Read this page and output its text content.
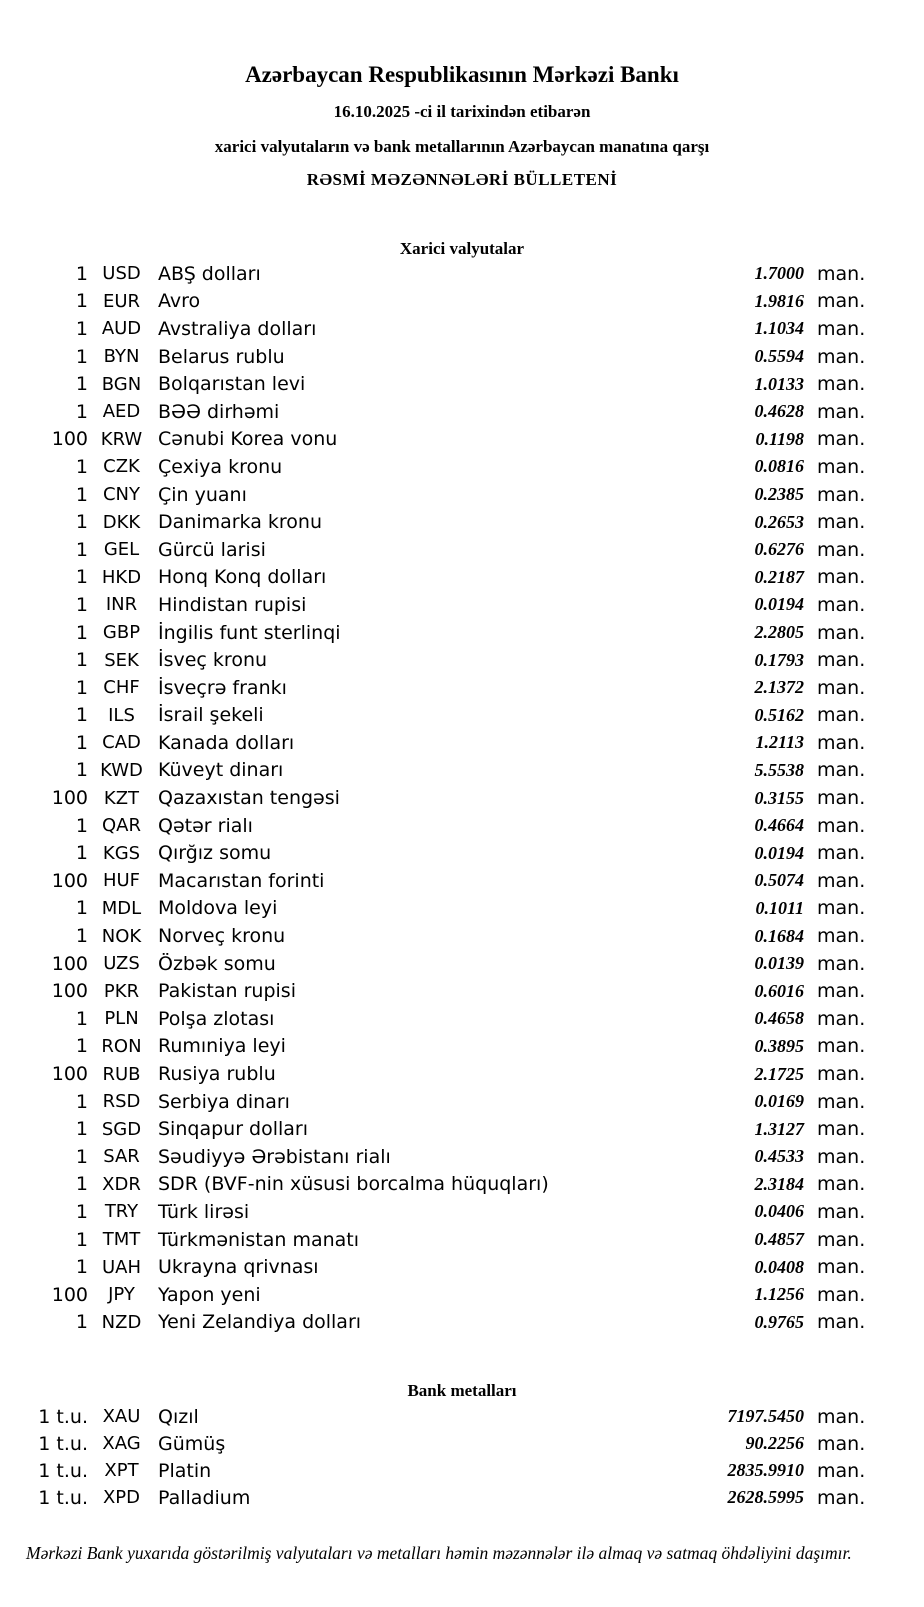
Azərbaycan Respublikasının Mərkəzi Bankı
16.10.2025 -ci il tarixindən etibarən
xarici valyutaların və bank metallarının Azərbaycan manatına qarşı
RƏSMİ MƏZƏNNƏLƏRİ BÜLLETENİ
Xarici valyutalar
1 USD ABŞ dolları	1.7000 man.
1 EUR Avro	1.9816 man.
1 AUD Avstraliya dolları	1.1034 man.
1 BYN Belarus rublu	0.5594 man.
1 BGN Bolqarıstan levi	1.0133 man.
1 AED BƏƏ dirhəmi	0.4628 man.
100 KRW Cənubi Korea vonu	0.1198 man.
1 CZK Çexiya kronu	0.0816 man.
1 CNY Çin yuanı	0.2385 man.
1 DKK Danimarka kronu	0.2653 man.
1 GEL Gürcü larisi	0.6276 man.
1 HKD Honq Konq dolları	0.2187 man.
1 INR	Hindistan rupisi	0.0194 man.
1 GBP İngilis funt sterlinqi	2.2805 man.
1 SEK	İsveç kronu	0.1793 man.
1 CHF İsveçrə frankı	2.1372 man.
1	ILS	İsrail şekeli	0.5162 man.
1 CAD Kanada dolları	1.2113 man.
1 KWD Küveyt dinarı	5.5538 man.
100 KZT Qazaxıstan tengəsi	0.3155 man.
1 QAR Qətər rialı	0.4664 man.
1 KGS Qırğız somu	0.0194 man.
100 HUF Macarıstan forinti	0.5074 man.
1 MDL Moldova leyi	0.1011 man.
1 NOK Norveç kronu	0.1684 man.
100 UZS Özbək somu	0.0139 man.
100 PKR Pakistan rupisi	0.6016 man.
1 PLN	Polşa zlotası	0.4658 man.
1 RON Rumıniya leyi	0.3895 man.
100 RUB Rusiya rublu	2.1725 man.
1 RSD Serbiya dinarı	0.0169 man.
1 SGD Sinqapur dolları	1.3127 man.
1 SAR Səudiyyə Ərəbistanı rialı	0.4533 man.
1 XDR SDR (BVF-nin xüsusi borcalma hüquqları)	2.3184 man.
1 TRY	Türk lirəsi	0.0406 man.
1 TMT Türkmənistan manatı	0.4857 man.
1 UAH Ukrayna qrivnası	0.0408 man.
100	JPY	Yapon yeni	1.1256 man.
1 NZD Yeni Zelandiya dolları	0.9765 man.
Bank metalları
1 t.u. XAU Qızıl	7197.5450 man.
1 t.u. XAG Gümüş	90.2256 man.
1 t.u. XPT	Platin	2835.9910 man.
1 t.u. XPD Palladium	2628.5995 man.
Mərkəzi Bank yuxarıda göstərilmiş valyutaları və metalları həmin məzənnələr ilə almaq və satmaq öhdəliyini daşımır.
